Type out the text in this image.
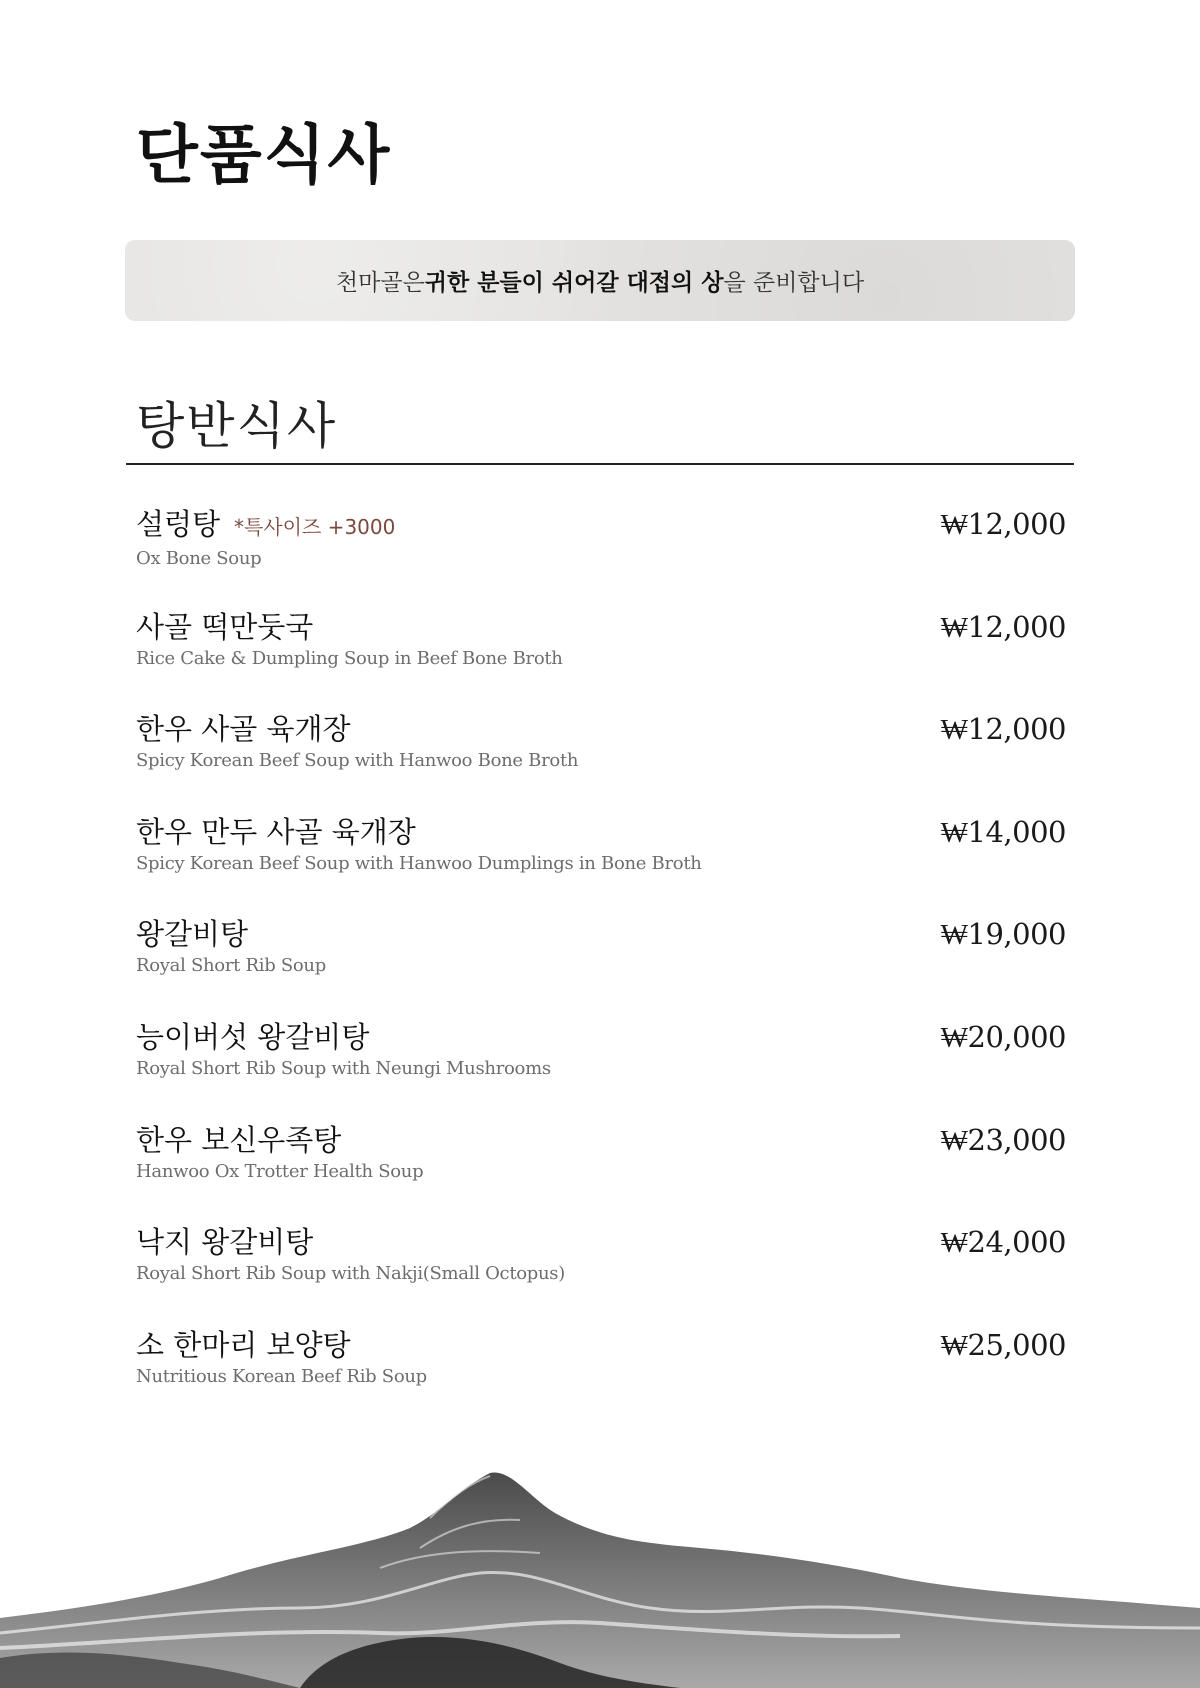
단품식사
천마골은 귀한 분들이 쉬어갈 대접의 상 을 준비합니다
탕반식사
설렁탕 *특사이즈 +3000
Ox Bone Soup
₩12,000
사골 떡만둣국
Rice Cake & Dumpling Soup in Beef Bone Broth
₩12,000
한우 사골 육개장
Spicy Korean Beef Soup with Hanwoo Bone Broth
₩12,000
한우 만두 사골 육개장
Spicy Korean Beef Soup with Hanwoo Dumplings in Bone Broth
₩14,000
왕갈비탕
Royal Short Rib Soup
₩19,000
능이버섯 왕갈비탕
Royal Short Rib Soup with Neungi Mushrooms
₩20,000
한우 보신우족탕
Hanwoo Ox Trotter Health Soup
₩23,000
낙지 왕갈비탕
Royal Short Rib Soup with Nakji(Small Octopus)
₩24,000
소 한마리 보양탕
Nutritious Korean Beef Rib Soup
₩25,000
